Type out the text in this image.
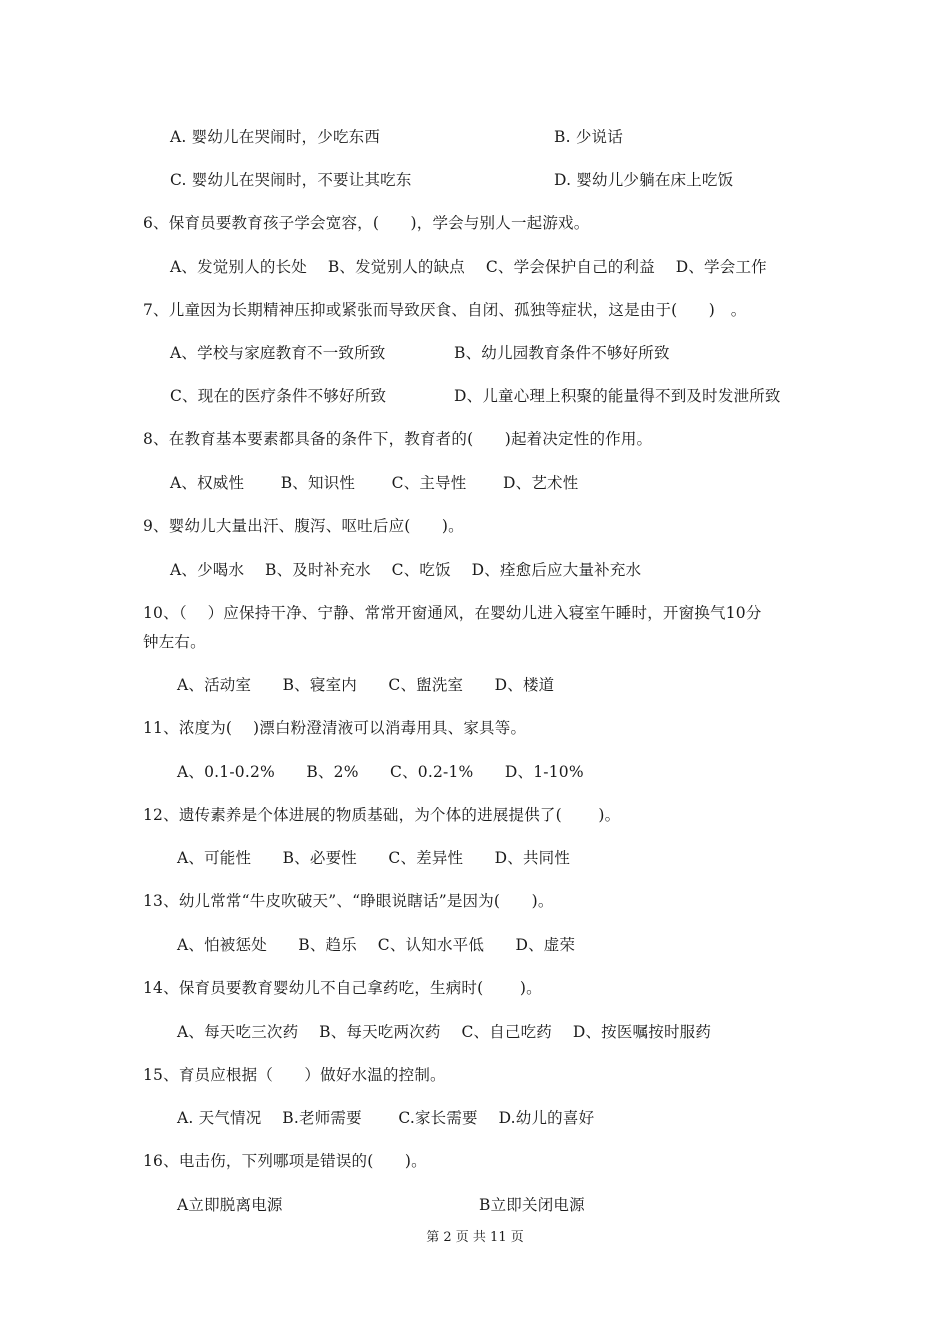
A. 婴幼儿在哭闹时，少吃东西	B. 少说话
C. 婴幼儿在哭闹时，不要让其吃东	D. 婴幼儿少躺在床上吃饭
6、保育员要教育孩子学会宽容，(　　)，学会与别人一起游戏。
A、发觉别人的长处　 B、发觉别人的缺点　 C、学会保护自己的利益　 D、学会工作
7、儿童因为长期精神压抑或紧张而导致厌食、自闭、孤独等症状，这是由于(　　)　。
A、学校与家庭教育不一致所致	B、幼儿园教育条件不够好所致
C、现在的医疗条件不够好所致	D、儿童心理上积聚的能量得不到及时发泄所致
8、在教育基本要素都具备的条件下，教育者的(　　)起着决定性的作用。
A、权威性　　 B、知识性　　 C、主导性　　 D、艺术性
9、婴幼儿大量出汗、腹泻、呕吐后应(　　)。
A、少喝水　 B、及时补充水　 C、吃饭　 D、痊愈后应大量补充水
10、（　 ）应保持干净、宁静、常常开窗通风，在婴幼儿进入寝室午睡时，开窗换气10分
钟左右。
A、活动室　　B、寝室内　　C、盥洗室　　D、楼道
11、浓度为(　 )漂白粉澄清液可以消毒用具、家具等。
A、0.1-0.2%　　B、2%　　C、0.2-1%　　D、1-10%
12、遗传素养是个体进展的物质基础，为个体的进展提供了(　　 )。
A、可能性　　B、必要性　　C、差异性　　D、共同性
13、幼儿常常“牛皮吹破天”、“睁眼说瞎话”是因为(　　)。
A、怕被惩处　　B、趋乐　 C、认知水平低　　D、虚荣
14、保育员要教育婴幼儿不自己拿药吃，生病时(　　 )。
A、每天吃三次药　 B、每天吃两次药　 C、自己吃药　 D、按医嘱按时服药
15、育员应根据（　　）做好水温的控制。
A. 天气情况　 B.老师需要　　 C.家长需要　 D.幼儿的喜好
16、电击伤，下列哪项是错误的(　　)。
A立即脱离电源	B立即关闭电源
第 2 页 共 11 页
